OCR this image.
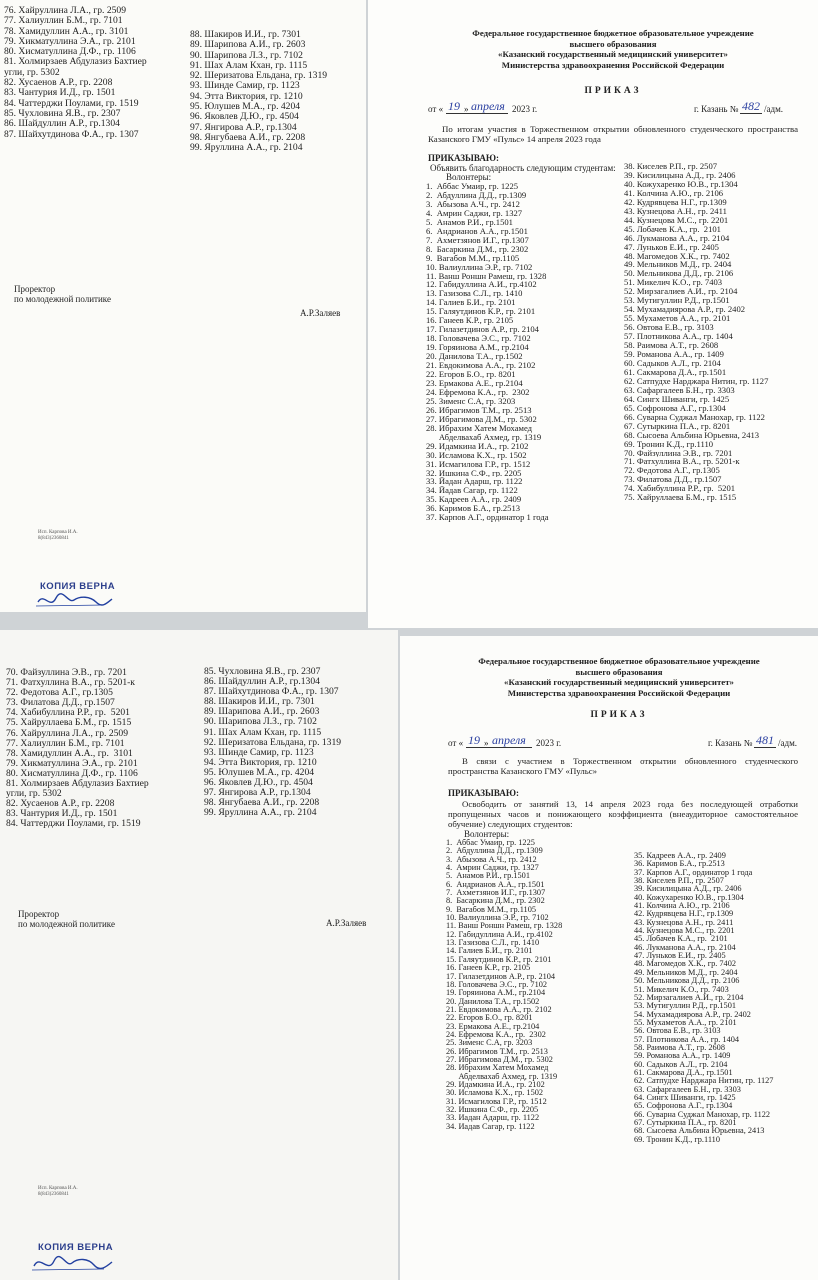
76. Хайруллина Л.А., гр. 2509
77. Халиуллин Б.М., гр. 7101
78. Хамидуллин А.А., гр. 3101
79. Хикматуллина Э.А., гр. 2101
80. Хисматуллина Д.Ф., гр. 1106
81. Холмирзаев Абдулазиз Бахтиер
угли, гр. 5302
82. Хусаенов А.Р., гр. 2208
83. Чантурия И.Д., гр. 1501
84. Чаттерджи Поулами, гр. 1519
85. Чухловина Я.В., гр. 2307
86. Шайдуллин А.Р., гр.1304
87. Шайхутдинова Ф.А., гр. 1307
88. Шакиров И.И., гр. 7301
89. Шарипова А.И., гр. 2603
90. Шарипова Л.З., гр. 7102
91. Шах Алам Кхан, гр. 1115
92. Шеризатова Ельдана, гр. 1319
93. Шинде Самир, гр. 1123
94. Этта Виктория, гр. 1210
95. Юлушев М.А., гр. 4204
96. Яковлев Д.Ю., гр. 4504
97. Янгирова А.Р., гр.1304
98. Янгубаева А.И., гр. 2208
99. Яруллина А.А., гр. 2104
Проректор
по молодежной политике
А.Р.Заляев
Исп. Карпова И.А.
8(843)2360841
КОПИЯ ВЕРНА
Федеральное государственное бюджетное образовательное учреждение
высшего образования
«Казанский государственный медицинский университет»
Министерства здравоохранения Российской Федерации
ПРИКАЗ
от « 19 » апреля 2023 г.	г. Казань № 482 /адм.
По итогам участия в Торжественном открытии обновленного студенческого пространства Казанского ГМУ «Пульс» 14 апреля 2023 года
ПРИКАЗЫВАЮ:
Объявить благодарность следующим студентам:
Волонтеры:
1.  Аббас Умаир, гр. 1225
2.  Абдуллина Д.Д., гр.1309
3.  Абызова А.Ч., гр. 2412
4.  Амрин Саджи, гр. 1327
5.  Анамов Р.И., гр.1501
6.  Андрианов А.А., гр.1501
7.  Ахметзянов И.Г., гр.1307
8.  Басаркина Д.М., гр. 2302
9.  Вагабов М.М., гр.1105
10. Валиуллина Э.Р., гр. 7102
11. Ванш Роншн Рамеш, гр. 1328
12. Габидуллина А.И., гр.4102
13. Газизова С.Л., гр. 1410
14. Галиев Б.И., гр. 2101
15. Галяутдинов К.Р., гр. 2101
16. Ганеев К.Р., гр. 2105
17. Гилазетдинов А.Р., гр. 2104
18. Головачева Э.С., гр. 7102
19. Горяинова А.М., гр.2104
20. Данилова Т.А., гр.1502
21. Евдокимова А.А., гр. 2102
22. Егоров Б.О., гр. 8201
23. Ермакова А.Е., гр.2104
24. Ефремова К.А., гр.  2302
25. Зименс С.А, гр. 3203
26. Ибрагимов Т.М., гр. 2513
27. Ибрагимова Д.М., гр. 5302
28. Ибрахим Хатем Мохамед
Абделвахаб Ахмед, гр. 1319
29. Идамкина И.А., гр. 2102
30. Исламова К.Х., гр. 1502
31. Исмагилова Г.Р., гр. 1512
32. Ишкина С.Ф., гр. 2205
33. Йадан Адарш, гр. 1122
34. Йадав Сагар, гр. 1122
35. Кадреев А.А., гр. 2409
36. Каримов Б.А., гр.2513
37. Карпов А.Г., ординатор 1 года
38. Киселев Р.П., гр. 2507
39. Кисилицына А.Д., гр. 2406
40. Кожухаренко Ю.В., гр.1304
41. Колчина А.Ю., гр. 2106
42. Кудрявцева Н.Г., гр.1309
43. Кузнецова А.Н., гр. 2411
44. Кузнецова М.С., гр. 2201
45. Лобачев К.А., гр.  2101
46. Лукманова А.А., гр. 2104
47. Луньков Е.И., гр. 2405
48. Магомедов Х.К., гр. 7402
49. Мельников М.Д., гр. 2404
50. Мельникова Д.Д., гр. 2106
51. Микелич К.О., гр. 7403
52. Мирзагалиев А.И., гр. 2104
53. Мутигуллин Р.Д., гр.1501
54. Мухамадиярова А.Р., гр. 2402
55. Мухаметов А.А., гр. 2101
56. Овтова Е.В., гр. 3103
57. Плотникова А.А., гр. 1404
58. Раимова А.Т., гр. 2608
59. Романова А.А., гр. 1409
60. Садыков А.Л., гр. 2104
61. Сакмарова Д.А., гр.1501
62. Сатпудхе Нарджара Нитин, гр. 1127
63. Сафаргалеев Б.Н., гр. 3303
64. Сингх Шиванги, гр. 1425
65. Софронова А.Г., гр.1304
66. Суварна Суджал Манохар, гр. 1122
67. Сутыркина П.А., гр. 8201
68. Сысоева Альбина Юрьевна, 2413
69. Тронин К.Д., гр.1110
70. Файзуллина Э.В., гр. 7201
71. Фатхуллина В.А., гр. 5201-к
72. Федотова А.Г., гр.1305
73. Филатова Д.Д., гр.1507
74. Хабибуллина Р.Р., гр.  5201
75. Хайруллаева Б.М., гр. 1515
70. Файзуллина Э.В., гр. 7201
71. Фатхуллина В.А., гр. 5201-к
72. Федотова А.Г., гр.1305
73. Филатова Д.Д., гр.1507
74. Хабибуллина Р.Р., гр.  5201
75. Хайруллаева Б.М., гр. 1515
76. Хайруллина Л.А., гр. 2509
77. Халиуллин Б.М., гр. 7101
78. Хамидуллин А.А., гр.  3101
79. Хикматуллина Э.А., гр. 2101
80. Хисматуллина Д.Ф., гр. 1106
81. Холмирзаев Абдулазиз Бахтиер
угли, гр. 5302
82. Хусаенов А.Р., гр. 2208
83. Чантурия И.Д., гр. 1501
84. Чаттерджи Поулами, гр. 1519
85. Чухловина Я.В., гр. 2307
86. Шайдуллин А.Р., гр.1304
87. Шайхутдинова Ф.А., гр. 1307
88. Шакиров И.И., гр. 7301
89. Шарипова А.И., гр. 2603
90. Шарипова Л.З., гр. 7102
91. Шах Алам Кхан, гр. 1115
92. Шеризатова Ельдана, гр. 1319
93. Шинде Самир, гр. 1123
94. Этта Виктория, гр. 1210
95. Юлушев М.А., гр. 4204
96. Яковлев Д.Ю., гр. 4504
97. Янгирова А.Р., гр.1304
98. Янгубаева А.И., гр. 2208
99. Яруллина А.А., гр. 2104
Проректор
по молодежной политике	А.Р.Заляев
Исп. Карпова И.А.
8(843)2360841
КОПИЯ ВЕРНА
Федеральное государственное бюджетное образовательное учреждение
высшего образования
«Казанский государственный медицинский университет»
Министерства здравоохранения Российской Федерации
ПРИКАЗ
от « 19 » апреля 2023 г.	г. Казань № 481 /адм.
В связи с участием в Торжественном открытии обновленного студенческого пространства Казанского ГМУ «Пульс»
ПРИКАЗЫВАЮ:
Освободить от занятий 13, 14 апреля 2023 года без последующей отработки пропущенных часов и понижающего коэффициента (внеаудиторное самостоятельное обучение) следующих студентов:
Волонтеры:
1.  Аббас Умаир, гр. 1225
2.  Абдуллина Д.Д., гр.1309
3.  Абызова А.Ч., гр. 2412
4.  Амрин Саджи, гр. 1327
5.  Анамов Р.И., гр.1501
6.  Андрианов А.А., гр.1501
7.  Ахметзянов И.Г., гр.1307
8.  Басаркина Д.М., гр. 2302
9.  Вагабов М.М., гр.1105
10. Валиуллина Э.Р., гр. 7102
11. Ванш Роншн Рамеш, гр. 1328
12. Габидуллина А.И., гр.4102
13. Газизова С.Л., гр. 1410
14. Галиев Б.И., гр. 2101
15. Галяутдинов К.Р., гр. 2101
16. Ганеев К.Р., гр. 2105
17. Гилазетдинов А.Р., гр. 2104
18. Головачева Э.С., гр. 7102
19. Горяинова А.М., гр.2104
20. Данилова Т.А., гр.1502
21. Евдокимова А.А., гр. 2102
22. Егоров Б.О., гр. 8201
23. Ермакова А.Е., гр.2104
24. Ефремова К.А., гр.  2302
25. Зименс С.А, гр. 3203
26. Ибрагимов Т.М., гр. 2513
27. Ибрагимова Д.М., гр. 5302
28. Ибрахим Хатем Мохамед
Абделвахаб Ахмед, гр. 1319
29. Идамкина И.А., гр. 2102
30. Исламова К.Х., гр. 1502
31. Исмагилова Г.Р., гр. 1512
32. Ишкина С.Ф., гр. 2205
33. Йадан Адарш, гр. 1122
34. Йадав Сагар, гр. 1122
35. Кадреев А.А., гр. 2409
36. Каримов Б.А., гр.2513
37. Карпов А.Г., ординатор 1 года
38. Киселев Р.П., гр. 2507
39. Кисилицына А.Д., гр. 2406
40. Кожухаренко Ю.В., гр.1304
41. Колчина А.Ю., гр. 2106
42. Кудрявцева Н.Г., гр.1309
43. Кузнецова А.Н., гр. 2411
44. Кузнецова М.С., гр. 2201
45. Лобачев К.А., гр.  2101
46. Лукманова А.А., гр. 2104
47. Луньков Е.И., гр. 2405
48. Магомедов Х.К., гр. 7402
49. Мельников М.Д., гр. 2404
50. Мельникова Д.Д., гр. 2106
51. Микелич К.О., гр. 7403
52. Мирзагалиев А.И., гр. 2104
53. Мутигуллин Р.Д., гр.1501
54. Мухамадиярова А.Р., гр. 2402
55. Мухаметов А.А., гр. 2101
56. Овтова Е.В., гр. 3103
57. Плотникова А.А., гр. 1404
58. Раимова А.Т., гр. 2608
59. Романова А.А., гр. 1409
60. Садыков А.Л., гр. 2104
61. Сакмарова Д.А., гр.1501
62. Сатпудхе Нарджара Нитин, гр. 1127
63. Сафаргалеев Б.Н., гр. 3303
64. Сингх Шиванги, гр. 1425
65. Софронова А.Г., гр.1304
66. Суварна Суджал Манохар, гр. 1122
67. Сутыркина П.А., гр. 8201
68. Сысоева Альбина Юрьевна, 2413
69. Тронин К.Д., гр.1110
